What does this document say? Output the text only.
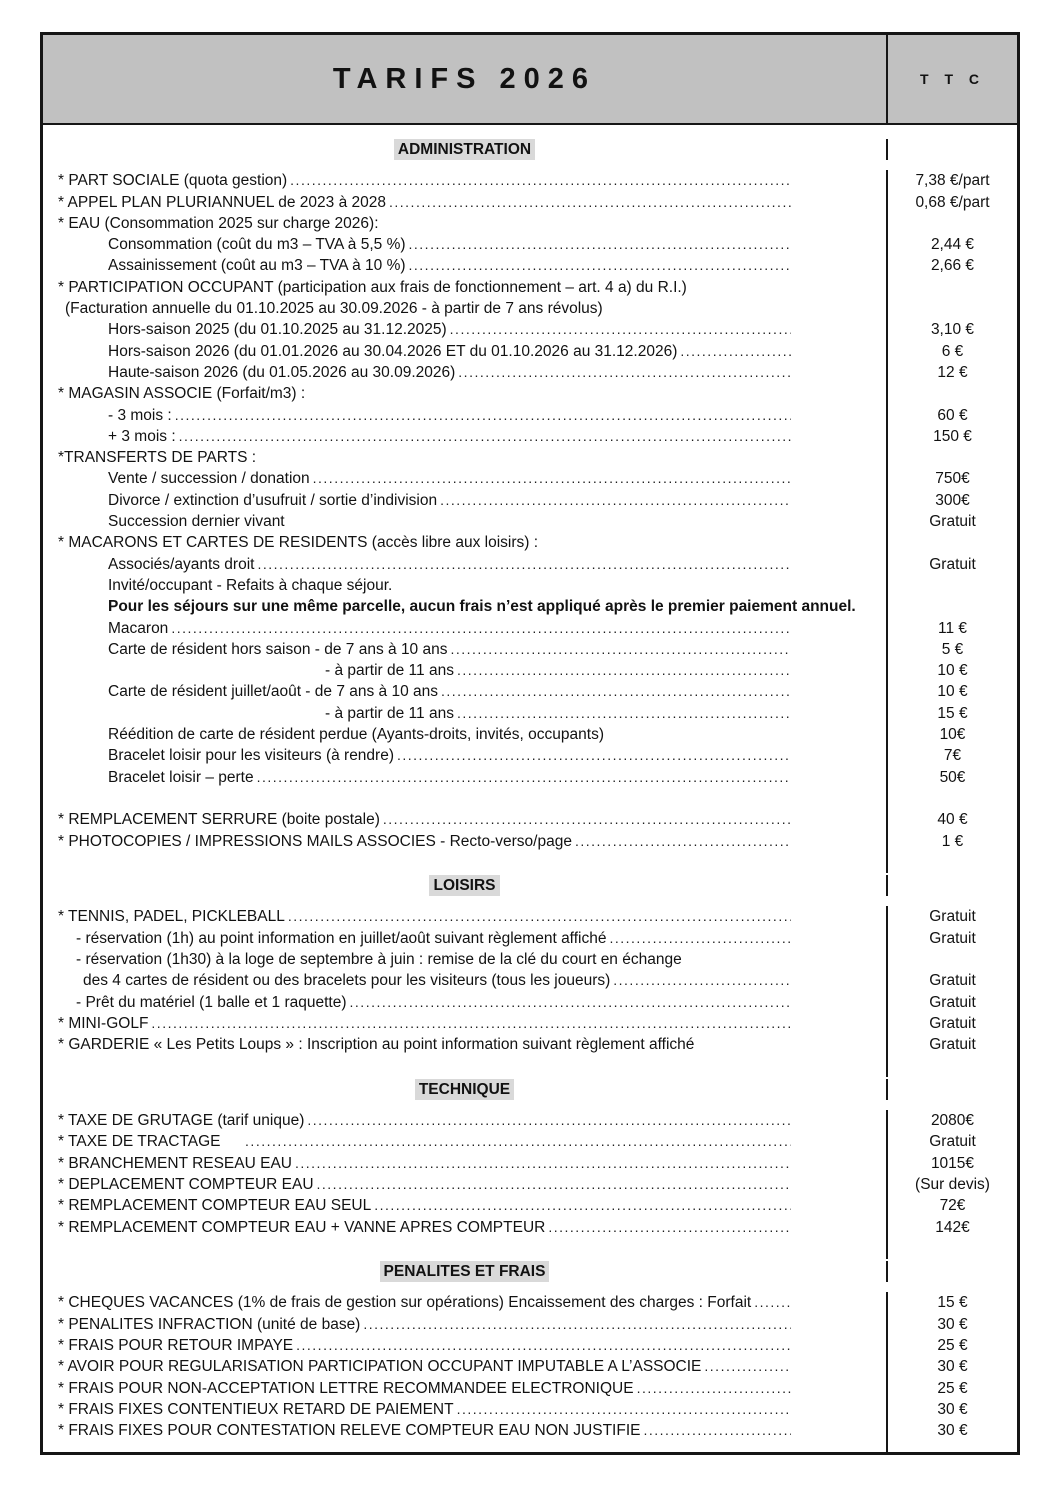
TARIFS 2026	T T C
ADMINISTRATION
* PART SOCIALE (quota gestion) .....	7,38 €/part
* APPEL PLAN PLURIANNUEL de 2023 à 2028 .....	0,68 €/part
* EAU (Consommation 2025 sur charge 2026):
Consommation (coût du m3 – TVA à 5,5 %) .....	2,44 €
Assainissement (coût au m3 – TVA à 10 %) .....	2,66 €
* PARTICIPATION OCCUPANT (participation aux frais de fonctionnement – art. 4 a) du R.I.)
(Facturation annuelle du 01.10.2025 au 30.09.2026 - à partir de 7 ans révolus)
Hors-saison 2025 (du 01.10.2025 au 31.12.2025) .....	3,10 €
Hors-saison 2026 (du 01.01.2026 au 30.04.2026 ET du 01.10.2026 au 31.12.2026) .....	6 €
Haute-saison 2026 (du 01.05.2026 au 30.09.2026) .....	12 €
* MAGASIN ASSOCIE (Forfait/m3) :
- 3 mois : .....	60 €
+ 3 mois : .....	150 €
*TRANSFERTS DE PARTS :
Vente / succession / donation .....	750€
Divorce / extinction d’usufruit / sortie d’indivision .....	300€
Succession dernier vivant	Gratuit
* MACARONS ET CARTES DE RESIDENTS (accès libre aux loisirs) :
Associés/ayants droit .....	Gratuit
Invité/occupant - Refaits à chaque séjour.
Pour les séjours sur une même parcelle, aucun frais n’est appliqué après le premier paiement annuel.
Macaron .....	11 €
Carte de résident hors saison - de 7 ans à 10 ans .....	5 €
- à partir de 11 ans .....	10 €
Carte de résident juillet/août - de 7 ans à 10 ans .....	10 €
- à partir de 11 ans .....	15 €
Réédition de carte de résident perdue (Ayants-droits, invités, occupants)	10€
Bracelet loisir pour les visiteurs (à rendre) .....	7€
Bracelet loisir – perte .....	50€
* REMPLACEMENT SERRURE (boite postale) .....	40 €
* PHOTOCOPIES / IMPRESSIONS MAILS ASSOCIES - Recto-verso/page .....	1 €
LOISIRS
* TENNIS, PADEL, PICKLEBALL .....	Gratuit
- réservation (1h) au point information en juillet/août suivant règlement affiché .....	Gratuit
- réservation (1h30) à la loge de septembre à juin : remise de la clé du court en échange
des 4 cartes de résident ou des bracelets pour les visiteurs (tous les joueurs) .....	Gratuit
- Prêt du matériel (1 balle et 1 raquette) .....	Gratuit
* MINI-GOLF .....	Gratuit
* GARDERIE « Les Petits Loups » : Inscription au point information suivant règlement affiché	Gratuit
TECHNIQUE
* TAXE DE GRUTAGE (tarif unique) .....	2080€
* TAXE DE TRACTAGE .....	Gratuit
* BRANCHEMENT RESEAU EAU .....	1015€
* DEPLACEMENT COMPTEUR EAU .....	(Sur devis)
* REMPLACEMENT COMPTEUR EAU SEUL .....	72€
* REMPLACEMENT COMPTEUR EAU + VANNE APRES COMPTEUR .....	142€
PENALITES ET FRAIS
* CHEQUES VACANCES (1% de frais de gestion sur opérations) Encaissement des charges : Forfait .....	15 €
* PENALITES INFRACTION (unité de base) .....	30 €
* FRAIS POUR RETOUR IMPAYE .....	25 €
* AVOIR POUR REGULARISATION PARTICIPATION OCCUPANT IMPUTABLE A L’ASSOCIE .....	30 €
* FRAIS POUR NON-ACCEPTATION LETTRE RECOMMANDEE ELECTRONIQUE .....	25 €
* FRAIS FIXES CONTENTIEUX RETARD DE PAIEMENT .....	30 €
* FRAIS FIXES POUR CONTESTATION RELEVE COMPTEUR EAU NON JUSTIFIE .....	30 €
